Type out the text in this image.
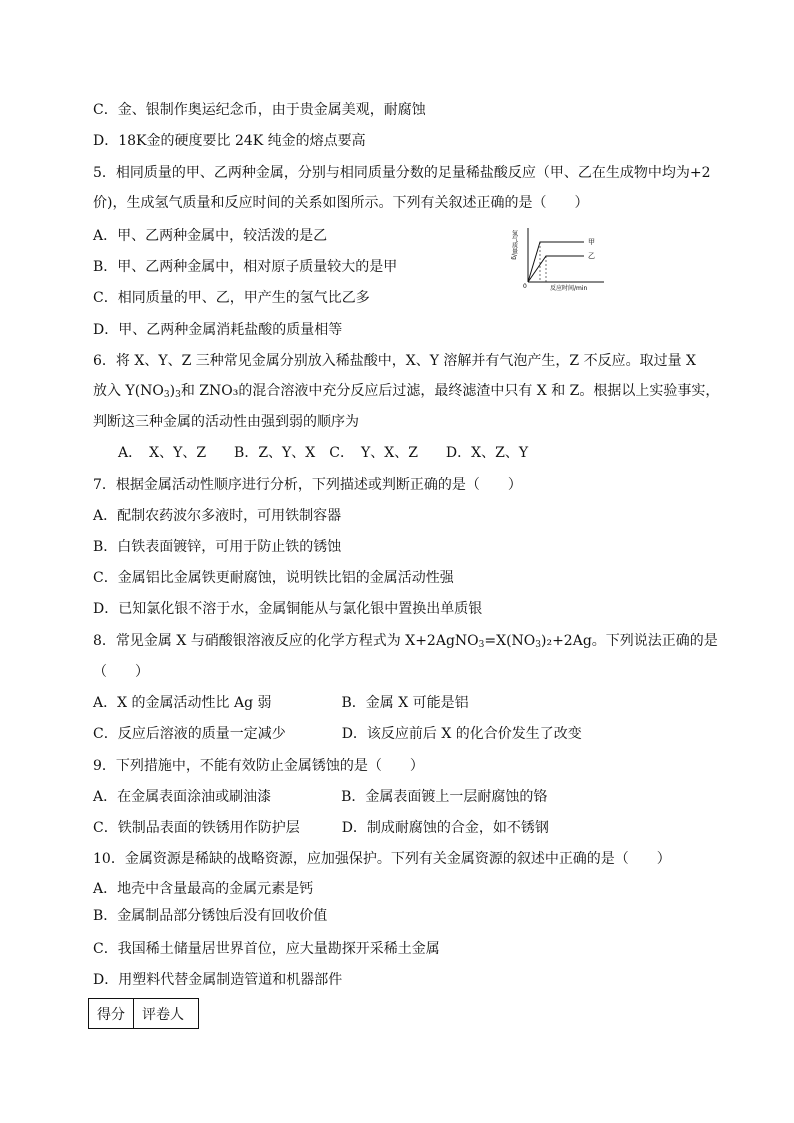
C．金、银制作奥运纪念币，由于贵金属美观，耐腐蚀
D．18K金的硬度要比 24K 纯金的熔点要高
5．相同质量的甲、乙两种金属，分别与相同质量分数的足量稀盐酸反应（甲、乙在生成物中均为+2
价)，生成氢气质量和反应时间的关系如图所示。下列有关叙述正确的是（　　）
A．甲、乙两种金属中，较活泼的是乙
B．甲、乙两种金属中，相对原子质量较大的是甲
C．相同质量的甲、乙，甲产生的氢气比乙多
D．甲、乙两种金属消耗盐酸的质量相等
6．将 X、Y、Z 三种常见金属分别放入稀盐酸中，X、Y 溶解并有气泡产生，Z 不反应。取过量 X
放入 $Y(NO_3)_3$和 ZNO₃的混合溶液中充分反应后过滤，最终滤渣中只有 X 和 Z。根据以上实验事实，
判断这三种金属的活动性由强到弱的顺序为
A．　X、Y、Z　　B．Z、Y、X　C．　Y、X、Z　　D．X、Z、Y
7．根据金属活动性顺序进行分析，下列描述或判断正确的是（　　）
A．配制农药波尔多液时，可用铁制容器
B．白铁表面镀锌，可用于防止铁的锈蚀
C．金属铝比金属铁更耐腐蚀，说明铁比铝的金属活动性强
D．已知氯化银不溶于水，金属铜能从与氯化银中置换出单质银
8．常见金属 X 与硝酸银溶液反应的化学方程式为 $X+2AgNO_3=X(NO_3)_2+2Ag$。下列说法正确的是
（　　）
A．X 的金属活动性比 Ag 弱　　　　　B．金属 X 可能是铝
C．反应后溶液的质量一定减少　　　　D．该反应前后 X 的化合价发生了改变
9．下列措施中，不能有效防止金属锈蚀的是（　　）
A．在金属表面涂油或刷油漆　　　　　B．金属表面镀上一层耐腐蚀的铬
C．铁制品表面的铁锈用作防护层　　　D．制成耐腐蚀的合金，如不锈钢
10．金属资源是稀缺的战略资源，应加强保护。下列有关金属资源的叙述中正确的是（　　）
A．地壳中含量最高的金属元素是钙
B．金属制品部分锈蚀后没有回收价值
C．我国稀土储量居世界首位，应大量勘探开采稀土金属
D．用塑料代替金属制造管道和机器部件
氢气质量/g
0
甲
乙
反应时间/min
得分	评卷人
